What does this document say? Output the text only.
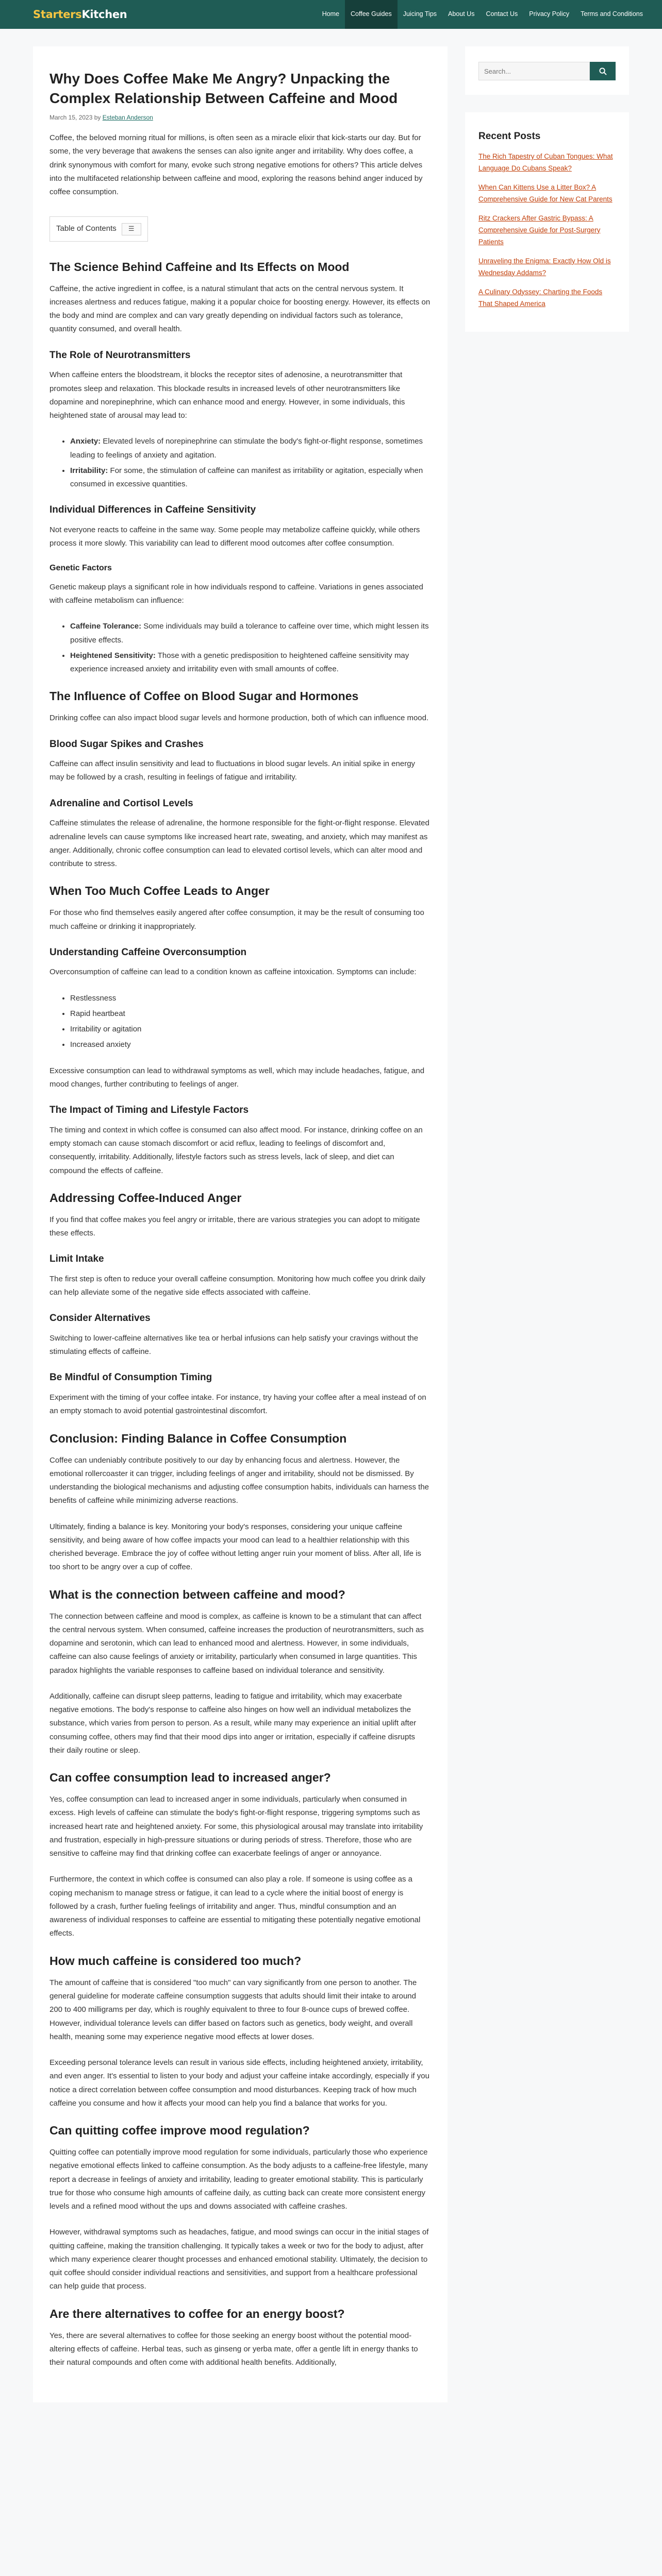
StartersKitchen	Home	Coffee Guides	Juicing Tips	About Us	Contact Us	Privacy Policy	Terms and Conditions
Why Does Coffee Make Me Angry? Unpacking the Complex Relationship Between Caffeine and Mood
March 15, 2023 by Esteban Anderson

Coffee, the beloved morning ritual for millions, is often seen as a miracle elixir that kick-starts our day. But for some, the very beverage that awakens the senses can also ignite anger and irritability. Why does coffee, a drink synonymous with comfort for many, evoke such strong negative emotions for others? This article delves into the multifaceted relationship between caffeine and mood, exploring the reasons behind anger induced by coffee consumption.

Table of Contents ☰
The Science Behind Caffeine and Its Effects on Mood

Caffeine, the active ingredient in coffee, is a natural stimulant that acts on the central nervous system. It increases alertness and reduces fatigue, making it a popular choice for boosting energy. However, its effects on the body and mind are complex and can vary greatly depending on individual factors such as tolerance, quantity consumed, and overall health.

The Role of Neurotransmitters

When caffeine enters the bloodstream, it blocks the receptor sites of adenosine, a neurotransmitter that promotes sleep and relaxation. This blockade results in increased levels of other neurotransmitters like dopamine and norepinephrine, which can enhance mood and energy. However, in some individuals, this heightened state of arousal may lead to:

• Anxiety: Elevated levels of norepinephrine can stimulate the body's fight-or-flight response, sometimes leading to feelings of anxiety and agitation.
• Irritability: For some, the stimulation of caffeine can manifest as irritability or agitation, especially when consumed in excessive quantities.
Individual Differences in Caffeine Sensitivity

Not everyone reacts to caffeine in the same way. Some people may metabolize caffeine quickly, while others process it more slowly. This variability can lead to different mood outcomes after coffee consumption.

Genetic Factors

Genetic makeup plays a significant role in how individuals respond to caffeine. Variations in genes associated with caffeine metabolism can influence:

• Caffeine Tolerance: Some individuals may build a tolerance to caffeine over time, which might lessen its positive effects.
• Heightened Sensitivity: Those with a genetic predisposition to heightened caffeine sensitivity may experience increased anxiety and irritability even with small amounts of coffee.
The Influence of Coffee on Blood Sugar and Hormones

Drinking coffee can also impact blood sugar levels and hormone production, both of which can influence mood.

Blood Sugar Spikes and Crashes

Caffeine can affect insulin sensitivity and lead to fluctuations in blood sugar levels. An initial spike in energy may be followed by a crash, resulting in feelings of fatigue and irritability.

Adrenaline and Cortisol Levels

Caffeine stimulates the release of adrenaline, the hormone responsible for the fight-or-flight response. Elevated adrenaline levels can cause symptoms like increased heart rate, sweating, and anxiety, which may manifest as anger. Additionally, chronic coffee consumption can lead to elevated cortisol levels, which can alter mood and contribute to stress.

When Too Much Coffee Leads to Anger

For those who find themselves easily angered after coffee consumption, it may be the result of consuming too much caffeine or drinking it inappropriately.

Understanding Caffeine Overconsumption

Overconsumption of caffeine can lead to a condition known as caffeine intoxication. Symptoms can include:

• Restlessness
• Rapid heartbeat
• Irritability or agitation
• Increased anxiety

Excessive consumption can lead to withdrawal symptoms as well, which may include headaches, fatigue, and mood changes, further contributing to feelings of anger.

The Impact of Timing and Lifestyle Factors

The timing and context in which coffee is consumed can also affect mood. For instance, drinking coffee on an empty stomach can cause stomach discomfort or acid reflux, leading to feelings of discomfort and, consequently, irritability. Additionally, lifestyle factors such as stress levels, lack of sleep, and diet can compound the effects of caffeine.

Addressing Coffee-Induced Anger

If you find that coffee makes you feel angry or irritable, there are various strategies you can adopt to mitigate these effects.

Limit Intake

The first step is often to reduce your overall caffeine consumption. Monitoring how much coffee you drink daily can help alleviate some of the negative side effects associated with caffeine.

Consider Alternatives

Switching to lower-caffeine alternatives like tea or herbal infusions can help satisfy your cravings without the stimulating effects of caffeine.

Be Mindful of Consumption Timing

Experiment with the timing of your coffee intake. For instance, try having your coffee after a meal instead of on an empty stomach to avoid potential gastrointestinal discomfort.

Conclusion: Finding Balance in Coffee Consumption

Coffee can undeniably contribute positively to our day by enhancing focus and alertness. However, the emotional rollercoaster it can trigger, including feelings of anger and irritability, should not be dismissed. By understanding the biological mechanisms and adjusting coffee consumption habits, individuals can harness the benefits of caffeine while minimizing adverse reactions.

Ultimately, finding a balance is key. Monitoring your body's responses, considering your unique caffeine sensitivity, and being aware of how coffee impacts your mood can lead to a healthier relationship with this cherished beverage. Embrace the joy of coffee without letting anger ruin your moment of bliss. After all, life is too short to be angry over a cup of coffee.

What is the connection between caffeine and mood?

The connection between caffeine and mood is complex, as caffeine is known to be a stimulant that can affect the central nervous system. When consumed, caffeine increases the production of neurotransmitters, such as dopamine and serotonin, which can lead to enhanced mood and alertness. However, in some individuals, caffeine can also cause feelings of anxiety or irritability, particularly when consumed in large quantities. This paradox highlights the variable responses to caffeine based on individual tolerance and sensitivity.

Additionally, caffeine can disrupt sleep patterns, leading to fatigue and irritability, which may exacerbate negative emotions. The body's response to caffeine also hinges on how well an individual metabolizes the substance, which varies from person to person. As a result, while many may experience an initial uplift after consuming coffee, others may find that their mood dips into anger or irritation, especially if caffeine disrupts their daily routine or sleep.

Can coffee consumption lead to increased anger?

Yes, coffee consumption can lead to increased anger in some individuals, particularly when consumed in excess. High levels of caffeine can stimulate the body's fight-or-flight response, triggering symptoms such as increased heart rate and heightened anxiety. For some, this physiological arousal may translate into irritability and frustration, especially in high-pressure situations or during periods of stress. Therefore, those who are sensitive to caffeine may find that drinking coffee can exacerbate feelings of anger or annoyance.

Furthermore, the context in which coffee is consumed can also play a role. If someone is using coffee as a coping mechanism to manage stress or fatigue, it can lead to a cycle where the initial boost of energy is followed by a crash, further fueling feelings of irritability and anger. Thus, mindful consumption and an awareness of individual responses to caffeine are essential to mitigating these potentially negative emotional effects.

How much caffeine is considered too much?

The amount of caffeine that is considered "too much" can vary significantly from one person to another. The general guideline for moderate caffeine consumption suggests that adults should limit their intake to around 200 to 400 milligrams per day, which is roughly equivalent to three to four 8-ounce cups of brewed coffee. However, individual tolerance levels can differ based on factors such as genetics, body weight, and overall health, meaning some may experience negative mood effects at lower doses.

Exceeding personal tolerance levels can result in various side effects, including heightened anxiety, irritability, and even anger. It's essential to listen to your body and adjust your caffeine intake accordingly, especially if you notice a direct correlation between coffee consumption and mood disturbances. Keeping track of how much caffeine you consume and how it affects your mood can help you find a balance that works for you.

Can quitting coffee improve mood regulation?

Quitting coffee can potentially improve mood regulation for some individuals, particularly those who experience negative emotional effects linked to caffeine consumption. As the body adjusts to a caffeine-free lifestyle, many report a decrease in feelings of anxiety and irritability, leading to greater emotional stability. This is particularly true for those who consume high amounts of caffeine daily, as cutting back can create more consistent energy levels and a refined mood without the ups and downs associated with caffeine crashes.

However, withdrawal symptoms such as headaches, fatigue, and mood swings can occur in the initial stages of quitting caffeine, making the transition challenging. It typically takes a week or two for the body to adjust, after which many experience clearer thought processes and enhanced emotional stability. Ultimately, the decision to quit coffee should consider individual reactions and sensitivities, and support from a healthcare professional can help guide that process.

Are there alternatives to coffee for an energy boost?

Yes, there are several alternatives to coffee for those seeking an energy boost without the potential mood-altering effects of caffeine. Herbal teas, such as ginseng or yerba mate, offer a gentle lift in energy thanks to their natural compounds and often come with additional health benefits. Additionally,

Search...
Recent Posts
The Rich Tapestry of Cuban Tongues: What Language Do Cubans Speak?
When Can Kittens Use a Litter Box? A Comprehensive Guide for New Cat Parents
Ritz Crackers After Gastric Bypass: A Comprehensive Guide for Post-Surgery Patients
Unraveling the Enigma: Exactly How Old is Wednesday Addams?
A Culinary Odyssey: Charting the Foods That Shaped America
